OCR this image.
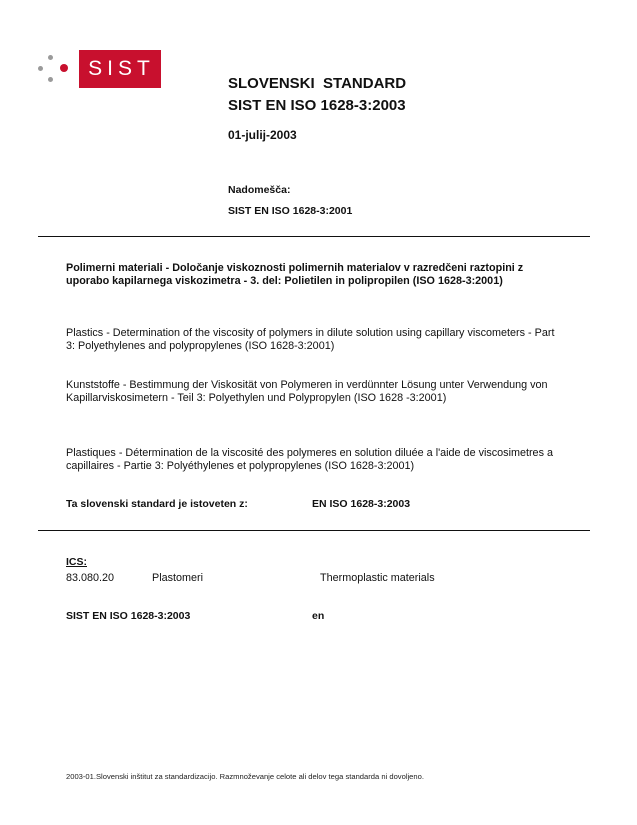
SIST
SLOVENSKI  STANDARD
SIST EN ISO 1628-3:2003
01-julij-2003
Nadomešča:
SIST EN ISO 1628-3:2001
Polimerni materiali - Določanje viskoznosti polimernih materialov v razredčeni raztopini z uporabo kapilarnega viskozimetra - 3. del: Polietilen in polipropilen (ISO 1628-3:2001)
Plastics - Determination of the viscosity of polymers in dilute solution using capillary viscometers - Part 3: Polyethylenes and polypropylenes (ISO 1628-3:2001)
Kunststoffe - Bestimmung der Viskosität von Polymeren in verdünnter Lösung unter Verwendung von Kapillarviskosimetern - Teil 3: Polyethylen und Polypropylen (ISO 1628 -3:2001)
Plastiques - Détermination de la viscosité des polymeres en solution diluée a l'aide de viscosimetres a capillaires - Partie 3: Polyéthylenes et polypropylenes (ISO 1628-3:2001)
Ta slovenski standard je istoveten z:	EN ISO 1628-3:2003
ICS:
83.080.20	Plastomeri	Thermoplastic materials
SIST EN ISO 1628-3:2003	en
2003-01.Slovenski inštitut za standardizacijo. Razmnoževanje celote ali delov tega standarda ni dovoljeno.
